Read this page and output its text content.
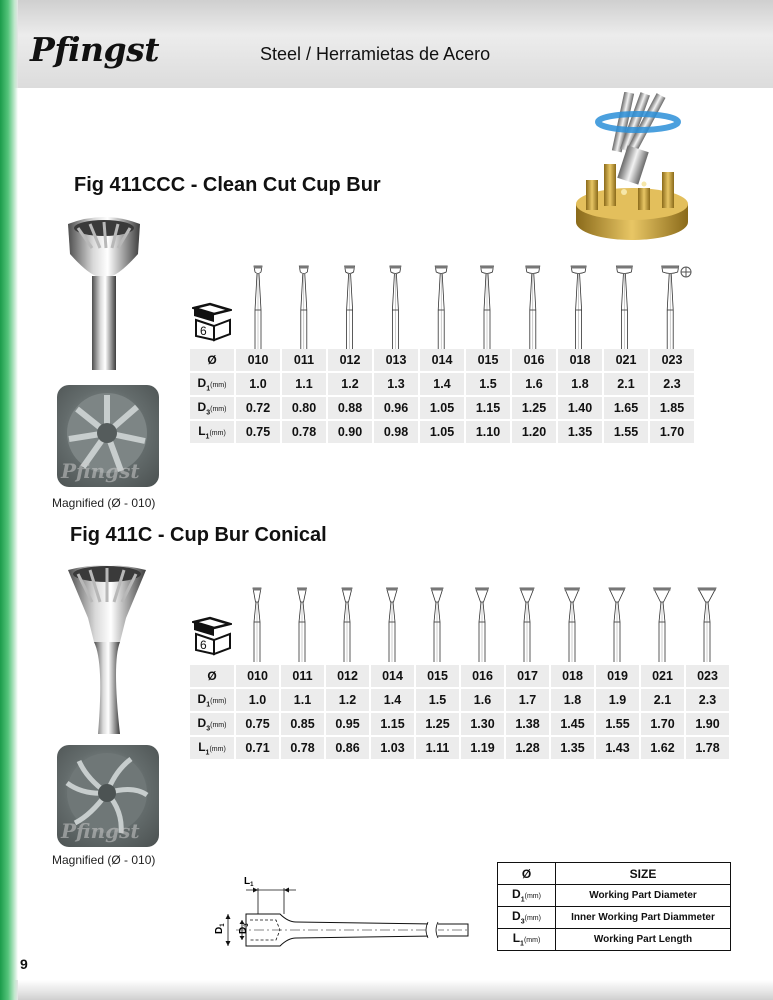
Pfingst	Steel / Herramietas de Acero
Fig 411CCC - Clean Cut Cup Bur
Pfingst
Magnified (Ø - 010)
6
Ø	010	011	012	013	014	015	016	018	021	023
$D_1(mm)$	1.0	1.1	1.2	1.3	1.4	1.5	1.6	1.8	2.1	2.3
$D_3(mm)$	0.72	0.80	0.88	0.96	1.05	1.15	1.25	1.40	1.65	1.85
$L_1(mm)$	0.75	0.78	0.90	0.98	1.05	1.10	1.20	1.35	1.55	1.70
Fig 411C - Cup Bur Conical
Pfingst
Magnified (Ø - 010)
6
Ø	010	011	012	014	015	016	017	018	019	021	023
$D_1(mm)$	1.0	1.1	1.2	1.4	1.5	1.6	1.7	1.8	1.9	2.1	2.3
$D_3(mm)$	0.75	0.85	0.95	1.15	1.25	1.30	1.38	1.45	1.55	1.70	1.90
$L_1(mm)$	0.71	0.78	0.86	1.03	1.11	1.19	1.28	1.35	1.43	1.62	1.78
$L_1$
$D_1$
$D_3$
Ø	SIZE
$D_1(mm)$	Working Part Diameter
$D_3(mm)$	Inner Working Part Diammeter
$L_1(mm)$	Working Part Length
9
